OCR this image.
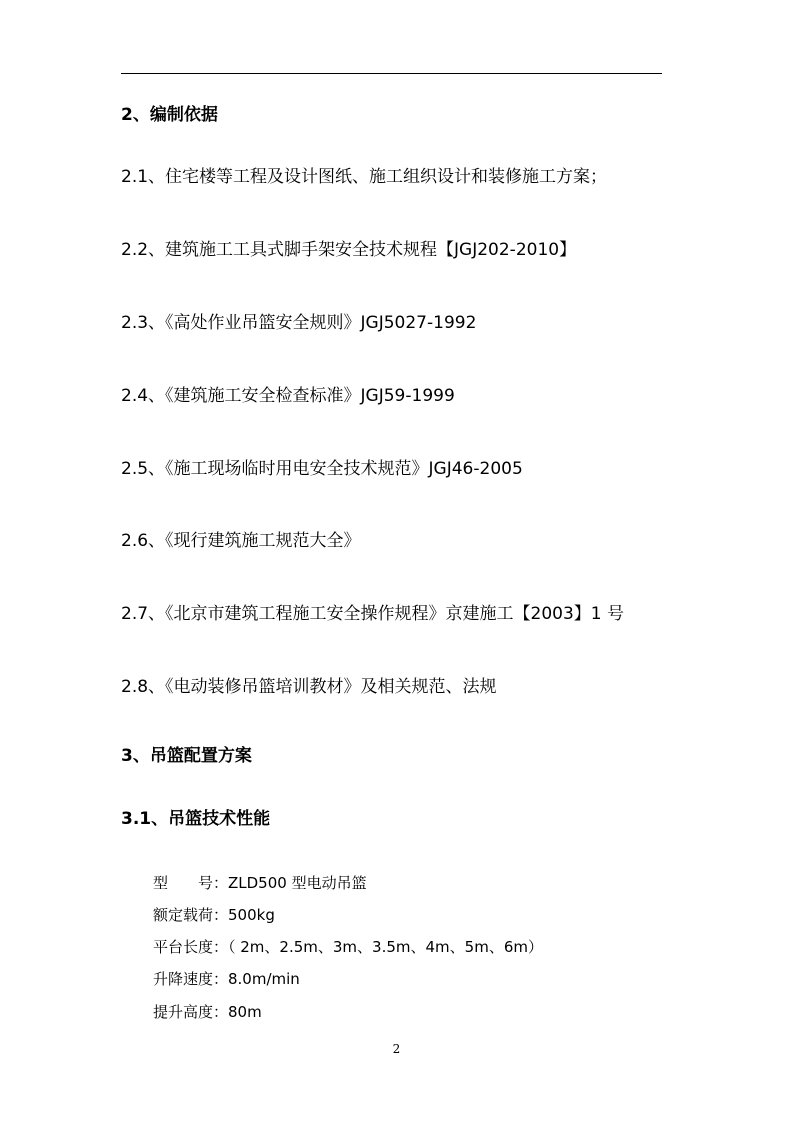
2、编制依据
2.1、住宅楼等工程及设计图纸、施工组织设计和装修施工方案；
2.2、建筑施工工具式脚手架安全技术规程【JGJ202-2010】
2.3、《高处作业吊篮安全规则》JGJ5027-1992
2.4、《建筑施工安全检查标准》JGJ59-1999
2.5、《施工现场临时用电安全技术规范》JGJ46-2005
2.6、《现行建筑施工规范大全》
2.7、《北京市建筑工程施工安全操作规程》京建施工【2003】1 号
2.8、《电动装修吊篮培训教材》及相关规范、法规
3、吊篮配置方案
3.1、吊篮技术性能
型　　号：ZLD500 型电动吊篮
额定载荷：500kg
平台长度：（ 2m、2.5m、3m、3.5m、4m、5m、6m）
升降速度：8.0m/min
提升高度：80m
2
